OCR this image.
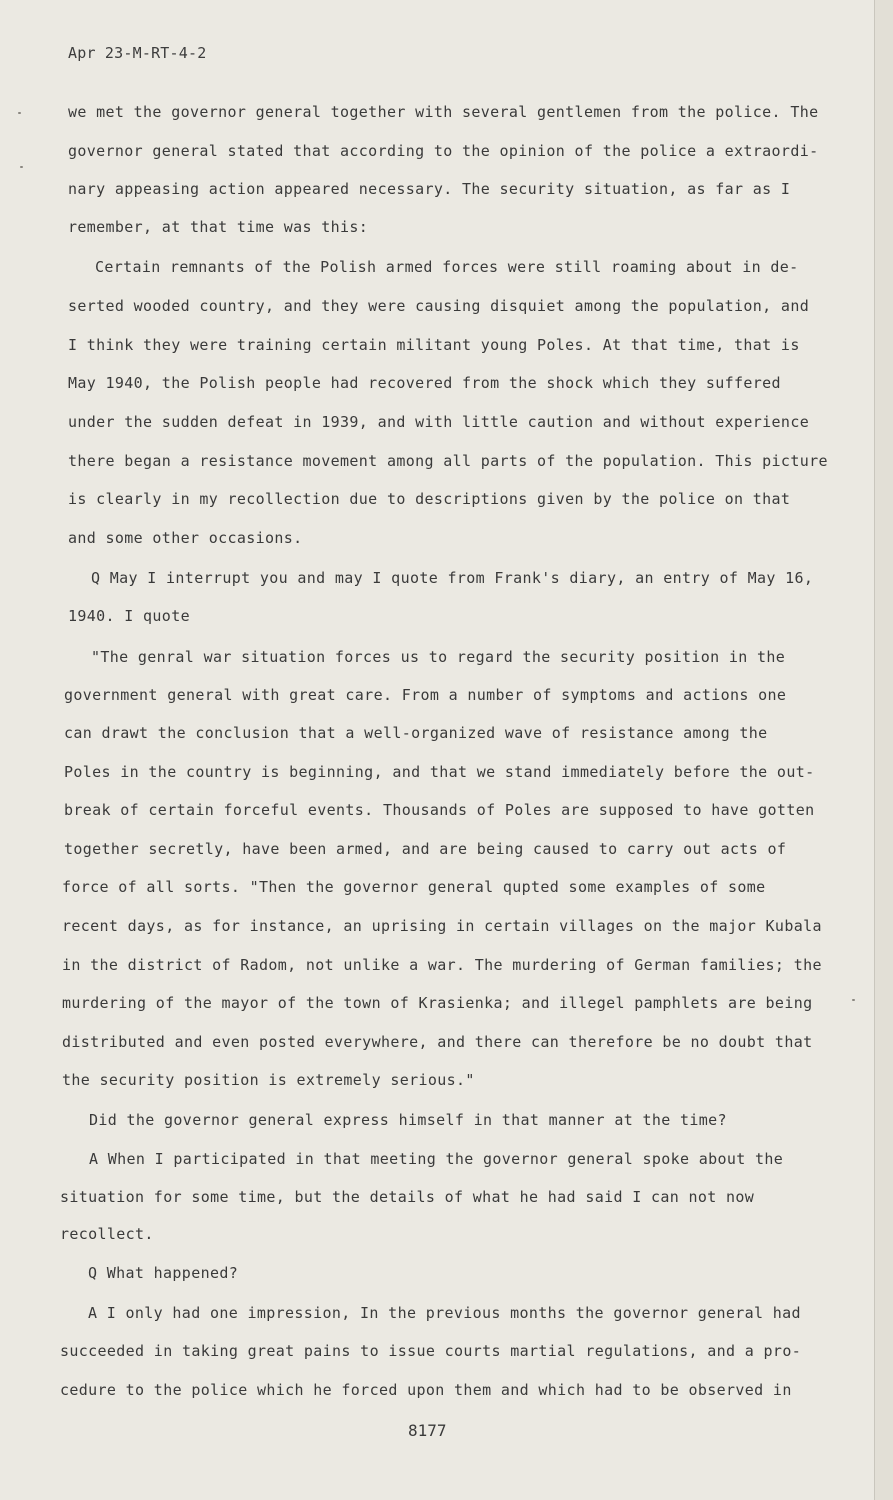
Apr 23-M-RT-4-2
we met the governor general together with several gentlemen from the police. The
governor general stated that according to the opinion of the police a extraordi-
nary appeasing action appeared necessary. The security situation, as far as I
remember, at that time was this:
Certain remnants of the Polish armed forces were still roaming about in de-
serted wooded country, and they were causing disquiet among the population, and
I think they were training certain militant young Poles. At that time, that is
May 1940, the Polish people had recovered from the shock which they suffered
under the sudden defeat in 1939, and with little caution and without experience
there began a resistance movement among all parts of the population. This picture
is clearly in my recollection due to descriptions given by the police on that
and some other occasions.
Q May I interrupt you and may I quote from Frank's diary, an entry of May 16,
1940. I quote
"The genral war situation forces us to regard the security position in the
government general with great care. From a number of symptoms and actions one
can drawt the conclusion that a well-organized wave of resistance among the
Poles in the country is beginning, and that we stand immediately before the out-
break of certain forceful events. Thousands of Poles are supposed to have gotten
together secretly, have been armed, and are being caused to carry out acts of
force of all sorts. "Then the governor general qupted some examples of some
recent days, as for instance, an uprising in certain villages on the major Kubala
in the district of Radom, not unlike a war. The murdering of German families; the
murdering of the mayor of the town of Krasienka; and illegel pamphlets are being
distributed and even posted everywhere, and there can therefore be no doubt that
the security position is extremely serious."
Did the governor general express himself in that manner at the time?
A When I participated in that meeting the governor general spoke about the
situation for some time, but the details of what he had said I can not now
recollect.
Q What happened?
A I only had one impression, In the previous months the governor general had
succeeded in taking great pains to issue courts martial regulations, and a pro-
cedure to the police which he forced upon them and which had to be observed in
8177
